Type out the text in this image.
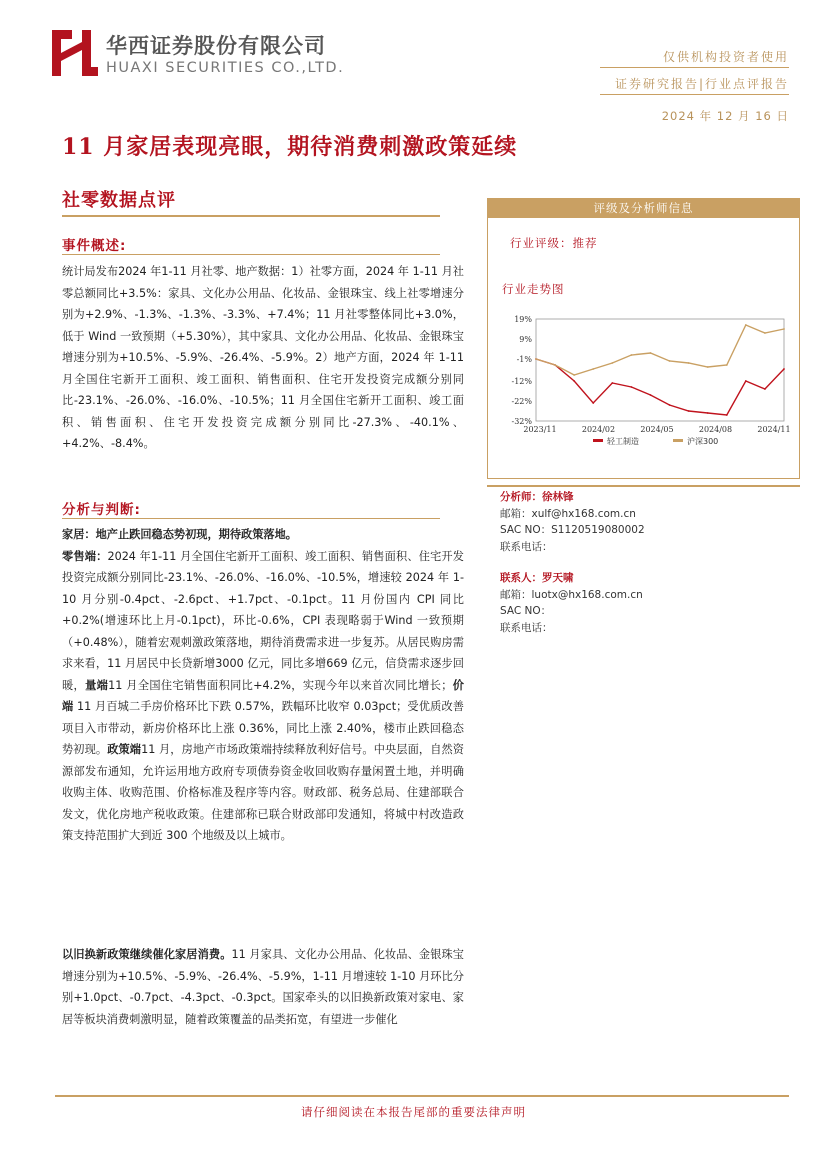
华西证券股份有限公司
HUAXI SECURITIES CO.,LTD.
仅供机构投资者使用
证券研究报告|行业点评报告
2024 年 12 月 16 日
11 月家居表现亮眼，期待消费刺激政策延续
社零数据点评
事件概述:

统计局发布2024 年1-11 月社零、地产数据：1）社零方面，2024 年 1-11 月社零总额同比+3.5%：家具、文化办公用品、化妆品、金银珠宝、线上社零增速分别为+2.9%、-1.3%、-1.3%、-3.3%、+7.4%；11 月社零整体同比+3.0%，低于 Wind 一致预期（+5.30%），其中家具、文化办公用品、化妆品、金银珠宝增速分别为+10.5%、-5.9%、-26.4%、-5.9%。2）地产方面，2024 年 1-11 月全国住宅新开工面积、竣工面积、销售面积、住宅开发投资完成额分别同比-23.1%、-26.0%、-16.0%、-10.5%；11 月全国住宅新开工面积、竣工面积、销售面积、住宅开发投资完成额分别同比-27.3%、-40.1%、+4.2%、-8.4%。

分析与判断:

家居：地产止跌回稳态势初现，期待政策落地。
零售端：2024 年1-11 月全国住宅新开工面积、竣工面积、销售面积、住宅开发投资完成额分别同比-23.1%、-26.0%、-16.0%、-10.5%，增速较 2024 年 1-10 月分别-0.4pct、-2.6pct、+1.7pct、-0.1pct。11 月份国内 CPI 同比+0.2%(增速环比上月-0.1pct)，环比-0.6%，CPI 表现略弱于Wind 一致预期（+0.48%），随着宏观刺激政策落地，期待消费需求进一步复苏。从居民购房需求来看，11 月居民中长贷新增3000 亿元，同比多增669 亿元，信贷需求逐步回暖，量端11 月全国住宅销售面积同比+4.2%，实现今年以来首次同比增长；价端 11 月百城二手房价格环比下跌 0.57%，跌幅环比收窄 0.03pct；受优质改善项目入市带动，新房价格环比上涨 0.36%，同比上涨 2.40%，楼市止跌回稳态势初现。政策端11 月，房地产市场政策端持续释放利好信号。中央层面，自然资源部发布通知，允许运用地方政府专项债券资金收回收购存量闲置土地，并明确收购主体、收购范围、价格标准及程序等内容。财政部、税务总局、住建部联合发文，优化房地产税收政策。住建部称已联合财政部印发通知，将城中村改造政策支持范围扩大到近 300 个地级及以上城市。

以旧换新政策继续催化家居消费。11 月家具、文化办公用品、化妆品、金银珠宝增速分别为+10.5%、-5.9%、-26.4%、-5.9%，1-11 月增速较 1-10 月环比分别+1.0pct、-0.7pct、-4.3pct、-0.3pct。国家牵头的以旧换新政策对家电、家居等板块消费刺激明显，随着政策覆盖的品类拓宽，有望进一步催化

评级及分析师信息
行业评级：推荐
行业走势图
19%
9%
-1%
-12%
-22%
-32%
2023/11	2024/02	2024/05	2024/08	2024/11
轻工制造	沪深300
分析师：徐林锋
邮箱：xulf@hx168.com.cn
SAC NO：S1120519080002
联系电话：
联系人：罗天啸
邮箱：luotx@hx168.com.cn
SAC NO：
联系电话：
请仔细阅读在本报告尾部的重要法律声明
